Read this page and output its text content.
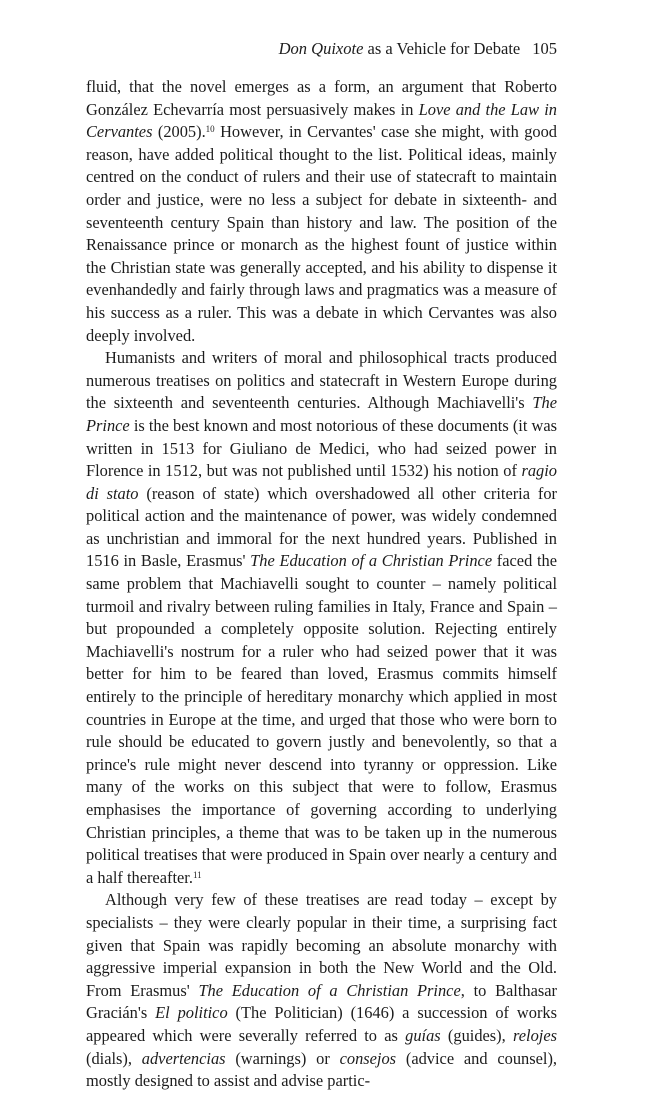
Don Quixote as a Vehicle for Debate 105

fluid, that the novel emerges as a form, an argument that Roberto González Echevarría most persuasively makes in Love and the Law in Cervantes (2005).$^{10}$ However, in Cervantes' case she might, with good reason, have added political thought to the list. Political ideas, mainly centred on the conduct of rulers and their use of statecraft to maintain order and justice, were no less a subject for debate in sixteenth- and seventeenth century Spain than history and law. The position of the Renaissance prince or monarch as the highest fount of justice within the Christian state was generally accepted, and his ability to dispense it evenhandedly and fairly through laws and pragmatics was a measure of his success as a ruler. This was a debate in which Cervantes was also deeply involved.

Humanists and writers of moral and philosophical tracts produced numerous treatises on politics and statecraft in Western Europe during the sixteenth and seventeenth centuries. Although Machiavelli's The Prince is the best known and most notorious of these documents (it was written in 1513 for Giuliano de Medici, who had seized power in Florence in 1512, but was not published until 1532) his notion of ragio di stato (reason of state) which overshadowed all other criteria for political action and the maintenance of power, was widely condemned as unchristian and immoral for the next hundred years. Published in 1516 in Basle, Erasmus' The Education of a Christian Prince faced the same problem that Machiavelli sought to counter – namely political turmoil and rivalry between ruling families in Italy, France and Spain – but propounded a completely opposite solution. Rejecting entirely Machiavelli's nostrum for a ruler who had seized power that it was better for him to be feared than loved, Erasmus commits himself entirely to the principle of hereditary monarchy which applied in most countries in Europe at the time, and urged that those who were born to rule should be educated to govern justly and benevolently, so that a prince's rule might never descend into tyranny or oppression. Like many of the works on this subject that were to follow, Erasmus emphasises the importance of governing according to underlying Christian principles, a theme that was to be taken up in the numerous political treatises that were produced in Spain over nearly a century and a half thereafter.$^{11}$

Although very few of these treatises are read today – except by specialists – they were clearly popular in their time, a surprising fact given that Spain was rapidly becoming an absolute monarchy with aggressive imperial expansion in both the New World and the Old. From Erasmus' The Education of a Christian Prince, to Balthasar Gracián's El politico (The Politician) (1646) a succession of works appeared which were severally referred to as guías (guides), relojes (dials), advertencias (warnings) or consejos (advice and counsel), mostly designed to assist and advise partic-
